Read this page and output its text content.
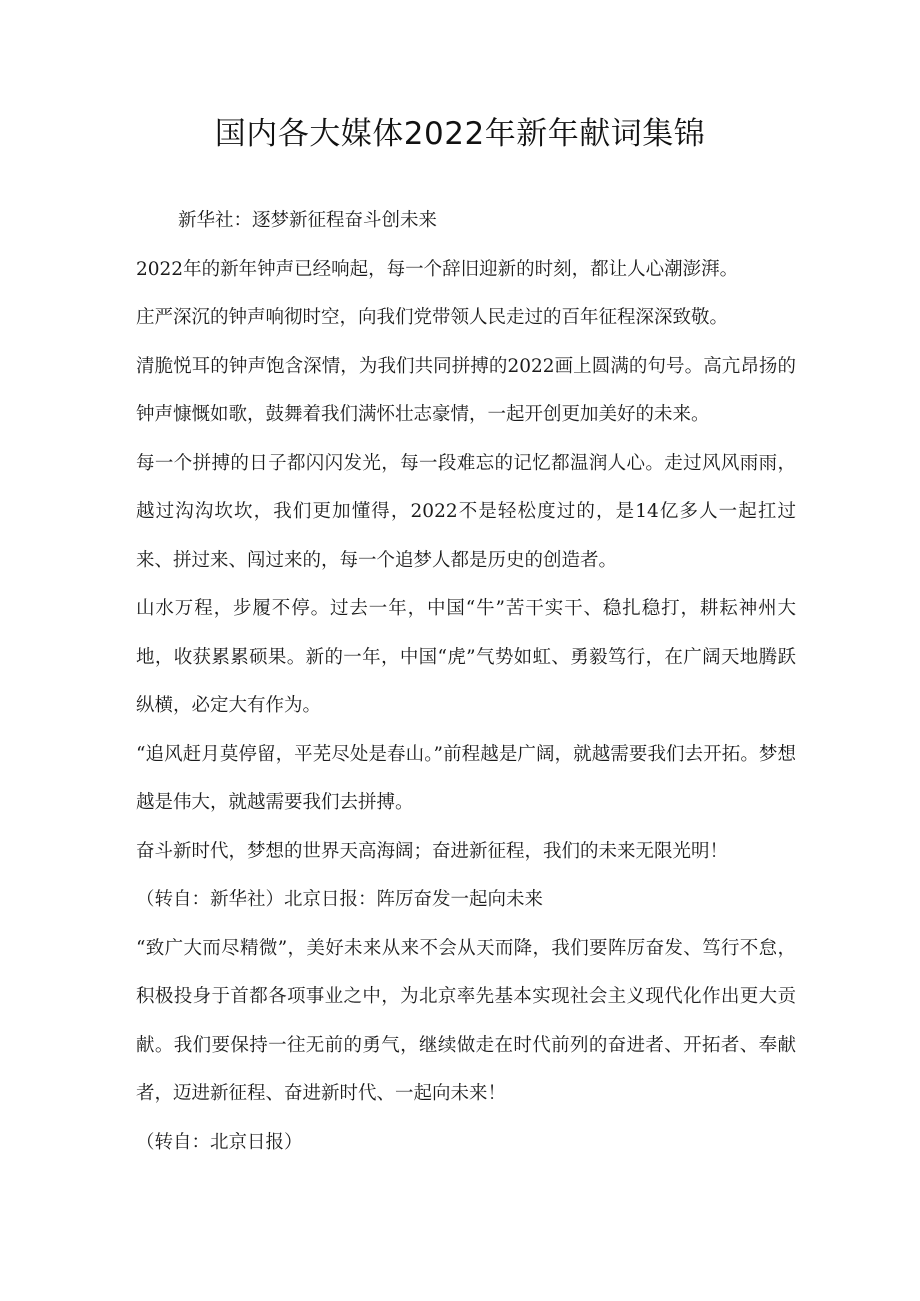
国内各大媒体2022年新年献词集锦

新华社：逐梦新征程奋斗创未来

2022年的新年钟声已经响起，每一个辞旧迎新的时刻，都让人心潮澎湃。

庄严深沉的钟声响彻时空，向我们党带领人民走过的百年征程深深致敬。

清脆悦耳的钟声饱含深情，为我们共同拼搏的2022画上圆满的句号。高亢昂扬的钟声慷慨如歌，鼓舞着我们满怀壮志豪情，一起开创更加美好的未来。

每一个拼搏的日子都闪闪发光，每一段难忘的记忆都温润人心。走过风风雨雨，越过沟沟坎坎，我们更加懂得，2022不是轻松度过的，是14亿多人一起扛过来、拼过来、闯过来的，每一个追梦人都是历史的创造者。

山水万程，步履不停。过去一年，中国“牛”苦干实干、稳扎稳打，耕耘神州大地，收获累累硕果。新的一年，中国“虎”气势如虹、勇毅笃行，在广阔天地腾跃纵横，必定大有作为。

“追风赶月莫停留，平芜尽处是春山。”前程越是广阔，就越需要我们去开拓。梦想越是伟大，就越需要我们去拼搏。

奋斗新时代，梦想的世界天高海阔；奋进新征程，我们的未来无限光明！

（转自：新华社）北京日报：阵厉奋发一起向未来

“致广大而尽精微”，美好未来从来不会从天而降，我们要阵厉奋发、笃行不怠，积极投身于首都各项事业之中，为北京率先基本实现社会主义现代化作出更大贡献。我们要保持一往无前的勇气，继续做走在时代前列的奋进者、开拓者、奉献者，迈进新征程、奋进新时代、一起向未来！

（转自：北京日报）
